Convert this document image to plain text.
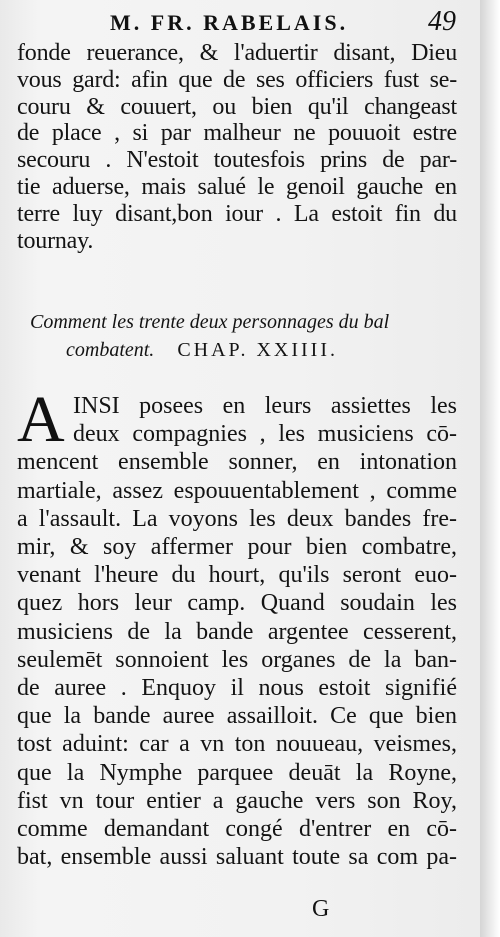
M. FR. RABELAIS.	49
fonde reuerance, & l'aduertir disant, Dieu
vous gard: afin que de ses officiers fust se-
couru & couuert, ou bien qu'il changeast
de place , si par malheur ne pouuoit estre
secouru . N'estoit toutesfois prins de par-
tie aduerse, mais salué le genoil gauche en
terre luy disant,bon iour . La estoit fin du
tournay.
Comment les trente deux personnages du bal
combatent. CHAP. XXIIII.
A INSI posees en leurs assiettes les
deux compagnies , les musiciens cō-
mencent ensemble sonner, en intonation
martiale, assez espouuentablement , comme
a l'assault. La voyons les deux bandes fre-
mir, & soy affermer pour bien combatre,
venant l'heure du hourt, qu'ils seront euo-
quez hors leur camp. Quand soudain les
musiciens de la bande argentee cesserent,
seulemēt sonnoient les organes de la ban-
de auree . Enquoy il nous estoit signifié
que la bande auree assailloit. Ce que bien
tost aduint: car a vn ton nouueau, veismes,
que la Nymphe parquee deuāt la Royne,
fist vn tour entier a gauche vers son Roy,
comme demandant congé d'entrer en cō-
bat, ensemble aussi saluant toute sa com pa-
G
